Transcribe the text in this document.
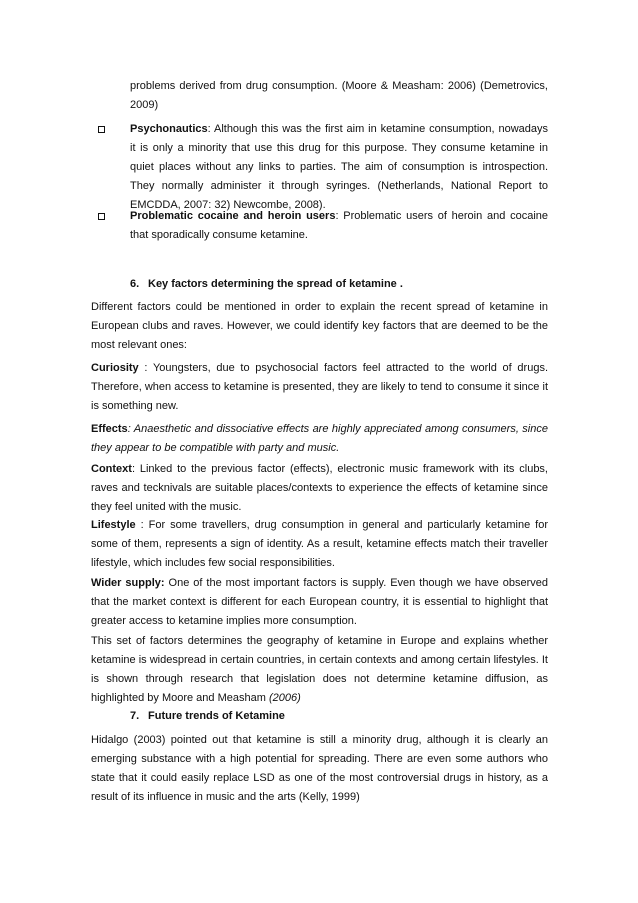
problems derived from drug consumption. (Moore & Measham: 2006) (Demetrovics, 2009)
Psychonautics: Although this was the first aim in ketamine consumption, nowadays it is only a minority that use this drug for this purpose. They consume ketamine in quiet places without any links to parties. The aim of consumption is introspection. They normally administer it through syringes. (Netherlands, National Report to EMCDDA, 2007: 32) Newcombe, 2008).
Problematic cocaine and heroin users: Problematic users of heroin and cocaine that sporadically consume ketamine.
6. Key factors determining the spread of ketamine .
Different factors could be mentioned in order to explain the recent spread of ketamine in European clubs and raves. However, we could identify key factors that are deemed to be the most relevant ones:
Curiosity : Youngsters, due to psychosocial factors feel attracted to the world of drugs. Therefore, when access to ketamine is presented, they are likely to tend to consume it since it is something new.
Effects: Anaesthetic and dissociative effects are highly appreciated among consumers, since they appear to be compatible with party and music.
Context: Linked to the previous factor (effects), electronic music framework with its clubs, raves and tecknivals are suitable places/contexts to experience the effects of ketamine since they feel united with the music.
Lifestyle : For some travellers, drug consumption in general and particularly ketamine for some of them, represents a sign of identity. As a result, ketamine effects match their traveller lifestyle, which includes few social responsibilities.
Wider supply: One of the most important factors is supply. Even though we have observed that the market context is different for each European country, it is essential to highlight that greater access to ketamine implies more consumption.
This set of factors determines the geography of ketamine in Europe and explains whether ketamine is widespread in certain countries, in certain contexts and among certain lifestyles. It is shown through research that legislation does not determine ketamine diffusion, as highlighted by Moore and Measham (2006)
7. Future trends of Ketamine
Hidalgo (2003) pointed out that ketamine is still a minority drug, although it is clearly an emerging substance with a high potential for spreading. There are even some authors who state that it could easily replace LSD as one of the most controversial drugs in history, as a result of its influence in music and the arts (Kelly, 1999)
